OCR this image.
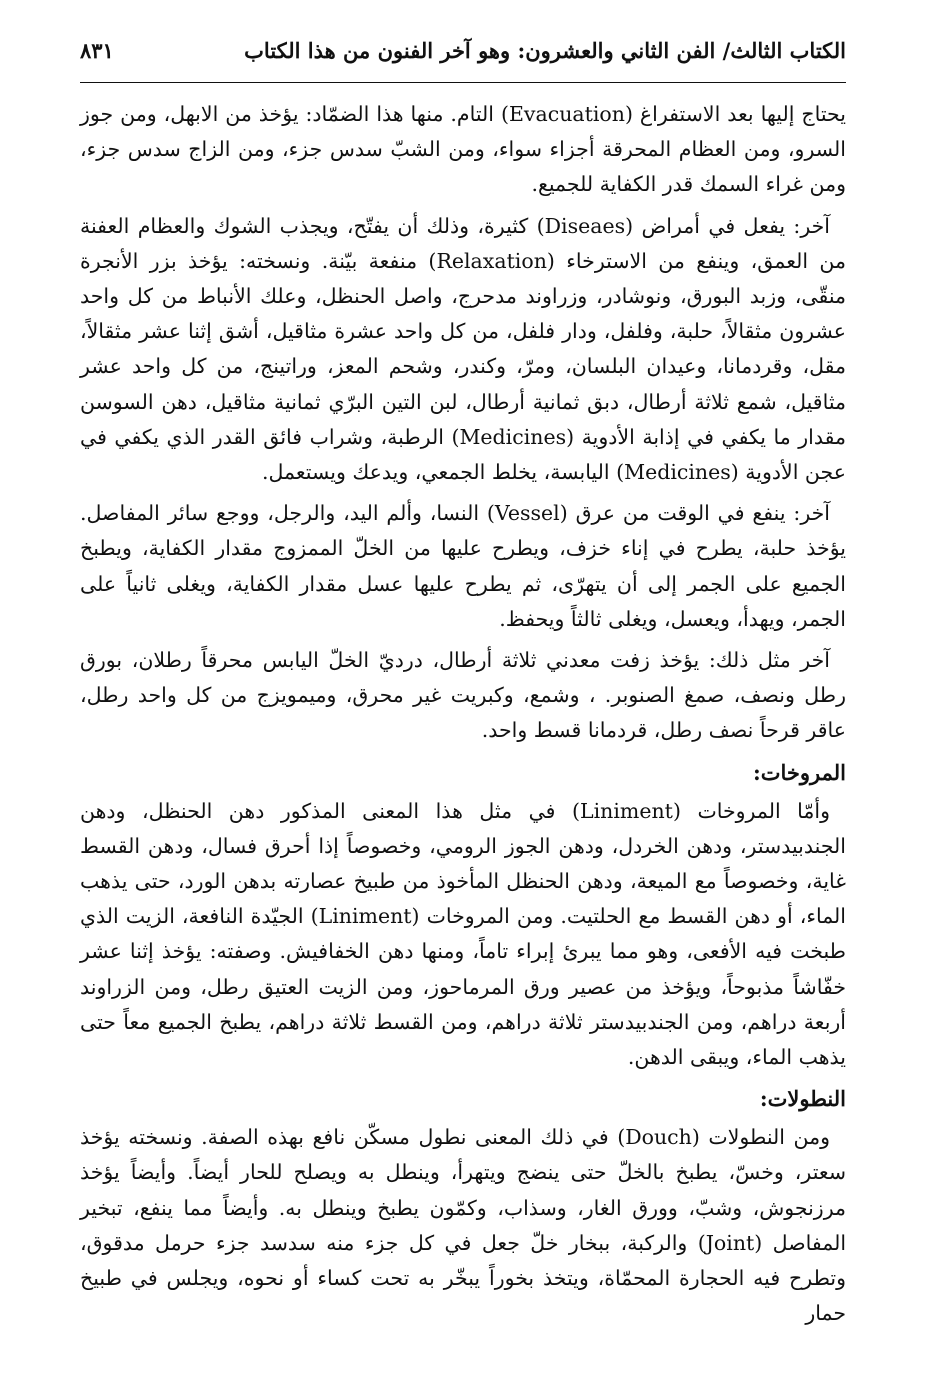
الكتاب الثالث/ الفن الثاني والعشرون: وهو آخر الفنون من هذا الكتاب
٨٣١

يحتاج إليها بعد الاستفراغ (Evacuation) التام. منها هذا الضمّاد: يؤخذ من الابهل، ومن جوز السرو، ومن العظام المحرقة أجزاء سواء، ومن الشبّ سدس جزء، ومن الزاج سدس جزء، ومن غراء السمك قدر الكفاية للجميع.

آخر: يفعل في أمراض (Diseaes) كثيرة، وذلك أن يفتّح، ويجذب الشوك والعظام العفنة من العمق، وينفع من الاسترخاء (Relaxation) منفعة بيّنة. ونسخته: يؤخذ بزر الأنجرة منقّى، وزبد البورق، ونوشادر، وزراوند مدحرج، واصل الحنظل، وعلك الأنباط من كل واحد عشرون مثقالاً، حلبة، وفلفل، ودار فلفل، من كل واحد عشرة مثاقيل، أشق إثنا عشر مثقالاً، مقل، وقردمانا، وعيدان البلسان، ومرّ، وكندر، وشحم المعز، وراتينج، من كل واحد عشر مثاقيل، شمع ثلاثة أرطال، دبق ثمانية أرطال، لبن التين البرّي ثمانية مثاقيل، دهن السوسن مقدار ما يكفي في إذابة الأدوية (Medicines) الرطبة، وشراب فائق القدر الذي يكفي في عجن الأدوية (Medicines) اليابسة، يخلط الجمعي، ويدعك ويستعمل.

آخر: ينفع في الوقت من عرق (Vessel) النسا، وألم اليد، والرجل، ووجع سائر المفاصل. يؤخذ حلبة، يطرح في إناء خزف، ويطرح عليها من الخلّ الممزوج مقدار الكفاية، ويطبخ الجميع على الجمر إلى أن يتهرّى، ثم يطرح عليها عسل مقدار الكفاية، ويغلى ثانياً على الجمر، ويهدأ، ويعسل، ويغلى ثالثاً ويحفظ.

آخر مثل ذلك: يؤخذ زفت معدني ثلاثة أرطال، درديّ الخلّ اليابس محرقاً رطلان، بورق رطل ونصف، صمغ الصنوبر. ، وشمع، وكبريت غير محرق، وميمويزج من كل واحد رطل، عاقر قرحاً نصف رطل، قردمانا قسط واحد.

المروخات:

وأمّا المروخات (Liniment) في مثل هذا المعنى المذكور دهن الحنظل، ودهن الجندبيدستر، ودهن الخردل، ودهن الجوز الرومي، وخصوصاً إذا أحرق فسال، ودهن القسط غاية، وخصوصاً مع الميعة، ودهن الحنظل المأخوذ من طبيخ عصارته بدهن الورد، حتى يذهب الماء، أو دهن القسط مع الحلتيت. ومن المروخات (Liniment) الجيّدة النافعة، الزيت الذي طبخت فيه الأفعى، وهو مما يبرئ إبراء تاماً، ومنها دهن الخفافيش. وصفته: يؤخذ إثنا عشر خفّاشاً مذبوحاً، ويؤخذ من عصير ورق المرماحوز، ومن الزيت العتيق رطل، ومن الزراوند أربعة دراهم، ومن الجندبيدستر ثلاثة دراهم، ومن القسط ثلاثة دراهم، يطبخ الجميع معاً حتى يذهب الماء، ويبقى الدهن.

النطولات:

ومن النطولات (Douch) في ذلك المعنى نطول مسكّن نافع بهذه الصفة. ونسخته يؤخذ سعتر، وخسّ، يطبخ بالخلّ حتى ينضج ويتهرأ، وينطل به ويصلح للحار أيضاً. وأيضاً يؤخذ مرزنجوش، وشبّ، وورق الغار، وسذاب، وكمّون يطبخ وينطل به. وأيضاً مما ينفع، تبخير المفاصل (Joint) والركبة، ببخار خلّ جعل في كل جزء منه سدسد جزء حرمل مدقوق، وتطرح فيه الحجارة المحمّاة، ويتخذ بخوراً يبخّر به تحت كساء أو نحوه، ويجلس في طبيخ حمار
